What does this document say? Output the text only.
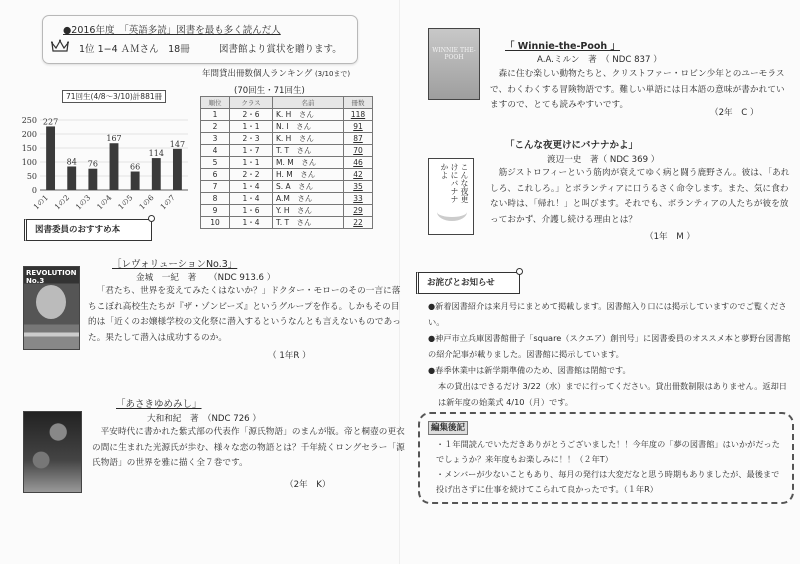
●2016年度　「英語多読」図書を最も多く読んだ人
1位 1−4 ＡＭさん　18冊	図書館より賞状を贈ります。
0
50
100
150
200
250 227
1の1
84
1の2
76
1の3
167
1の4
66
1の5
114
1の6
147
1の7
71回生(4/8〜3/10)計881冊
年間貸出冊数個人ランキング (3/10まで)
(70回生・71回生)
順位	クラス	名前	冊数
1	2・6	K. H　さん	118
2	1・1	N. I　さん	91
3	2・3	K. H　さん	87
4	1・7	T. T　さん	70
5	1・1	M. M　さん	46
6	2・2	H. M　さん	42
7	1・4	S. A　さん	35
8	1・4	A.M　さん	33
9	1・6	Y. H　さん	29
10	1・4	T. T　さん	22
図書委員のおすすめ本
REVOLUTION No.3
［レヴォリューションNo.3」
金城　一紀　著　　（NDC 913.6 ）
「君たち、世界を変えてみたくはないか？」ドクター・モローのその一言に落ちこぼれ高校生たちが『ザ・ゾンビーズ』というグループを作る。しかもその目的は「近くのお嬢様学校の文化祭に潜入するというなんとも言えないものであった。果たして潜入は成功するのか。
（ 1年R ）
「あさきゆめみし」
大和和紀　著　（NDC 726 ）
平安時代に書かれた紫式部の代表作「源氏物語」のまんが版。帝と桐壺の更衣の間に生まれた光源氏が歩む、様々な恋の物語とは？千年続くロングセラー「源氏物語」の世界を雅に描く全７巻です。
（2年　K）
WINNIE THE-POOH
「 Winnie-the-Pooh 」
A.A.ミルン　著　（ NDC 837 ）
森に住む楽しい動物たちと、クリストファー・ロビン少年とのユーモラスで、わくわくする冒険物語です。難しい単語には日本語の意味が書かれていますので、とても読みやすいです。
（2年　C ）
こんな夜更けにバナナかよ
「こんな夜更けにバナナかよ」
渡辺一史　著（ NDC 369 ）
筋ジストロフィーという筋肉が衰えてゆく病と闘う鹿野さん。彼は、「あれしろ、これしろ。」とボランティアに口うるさく命令します。また、気に食わない時は、「帰れ！」と叫びます。それでも、ボランティアの人たちが彼を放っておかず、介護し続ける理由とは？
（1年　M ）
お詫びとお知らせ
●新着図書紹介は来月号にまとめて掲載します。図書館入り口には掲示していますのでご覧ください。
●神戸市立兵庫図書館冊子「square（スクエア）創刊号」に図書委員のオススメ本と夢野台図書館の紹介記事が載りました。図書館に掲示しています。
●春季休業中は新学期準備のため、図書館は閉館です。
本の貸出はできるだけ 3/22（水）までに行ってください。貸出冊数制限はありません。返却日は新年度の始業式 4/10（月）です。
編集後記
・１年間読んでいただきありがとうございました！！今年度の「夢の図書館」はいかがだったでしょうか？来年度もお楽しみに！！（２年T）
・メンバーが少ないこともあり、毎月の発行は大変だなと思う時期もありましたが、最後まで投げ出さずに仕事を続けてこられて良かったです。（１年R）
